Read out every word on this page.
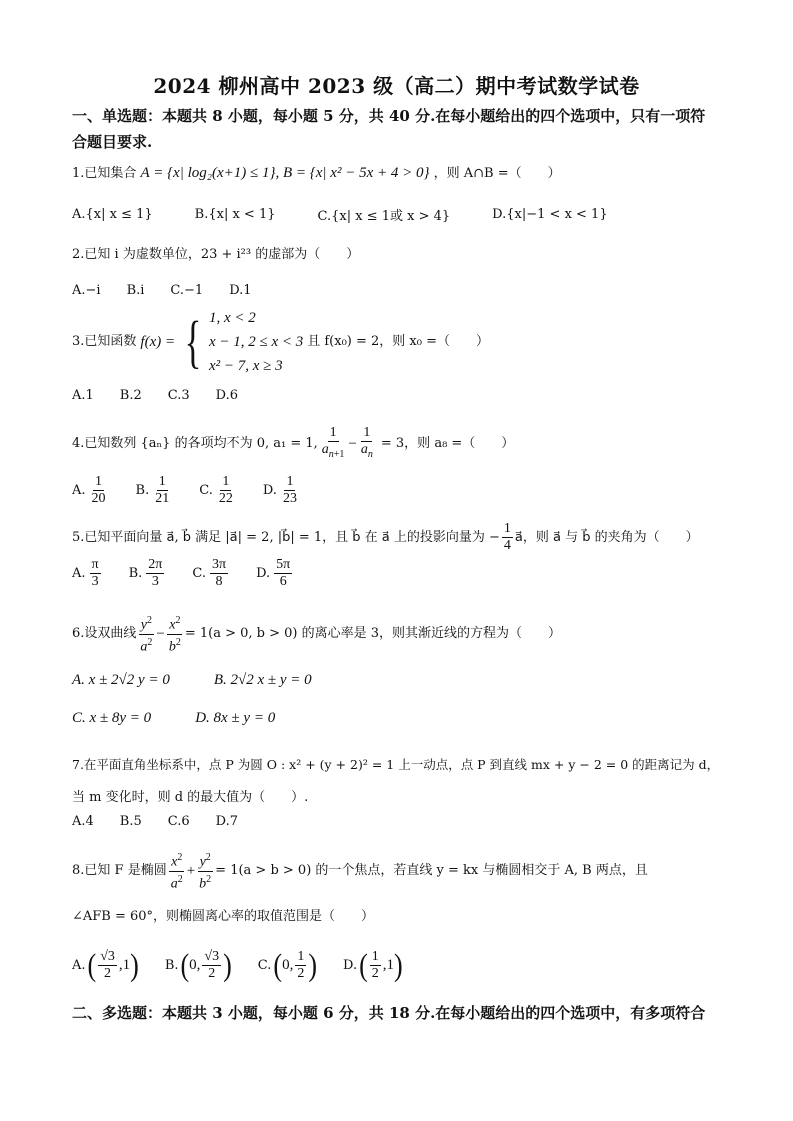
2024 柳州高中 2023 级（高二）期中考试数学试卷
一、单选题：本题共 8 小题，每小题 5 分，共 40 分.在每小题给出的四个选项中，只有一项符
合题目要求.
1.已知集合 A = {x| log₂(x+1) ≤ 1}, B = {x| x² − 5x + 4 > 0} ，则 A∩B =（　　）
A.{x| x ≤ 1}	B.{x| x < 1}	C.{x| x ≤ 1或 x > 4}	D.{x|−1 < x < 1}
2.已知 i 为虚数单位，23 + i²³ 的虚部为（　　）
A.−i B.i C.−1 D.1
3.已知函数 f(x) = { 1, x < 2
x − 1, 2 ≤ x < 3
x² − 7, x ≥ 3
且 f(x₀) = 2，则 x₀ =（　　）
A.1 B.2 C.3 D.6
4.已知数列 {aₙ} 的各项均不为 0, a₁ = 1, $\frac{1}{a_{n+1}} - \frac{1}{a_n} = 3$，则 a₈ =（　　）
A. $\frac{1}{20} B$. $\frac{1}{21} C$. $\frac{1}{22} D$. $\frac{1}{23}$
5.已知平面向量 a⃗, b⃗ 满足 |a⃗| = 2, |b⃗| = 1，且 b⃗ 在 a⃗ 上的投影向量为 − $\frac{1}{4}$ a⃗，则 a⃗ 与 b⃗ 的夹角为（　　）
A. $\frac{\pi}{3} B$. $\frac{2\pi}{3} C$. $\frac{3\pi}{8} D$. $\frac{5\pi}{6}$
6.设双曲线 $\frac{y^2}{a^2} - \frac{x^2}{b^2} = 1(a > 0$, b > 0) 的离心率是 3，则其渐近线的方程为（　　）
A. x ± 2√2 y = 0	B. 2√2 x ± y = 0
C. x ± 8y = 0	D. 8x ± y = 0
7.在平面直角坐标系中，点 P 为圆 O : x² + (y + 2)² = 1 上一动点，点 P 到直线 mx + y − 2 = 0 的距离记为 d，
当 m 变化时，则 d 的最大值为（　　）.
A.4 B.5 C.6 D.7
8.已知 F 是椭圆 $\frac{x^2}{a^2} + \frac{y^2}{b^2} = 1(a > b > 0)$ 的一个焦点，若直线 y = kx 与椭圆相交于 A, B 两点，且
∠AFB = 60°，则椭圆离心率的取值范围是（　　）
A. ( $\frac{√3}{2} ,1$ ) B. ( 0, $\frac{√3}{2}$ ) C. ( 0, $\frac{1}{2}$ ) D. ( $\frac{1}{2} ,1$ )
二、多选题：本题共 3 小题，每小题 6 分，共 18 分.在每小题给出的四个选项中，有多项符合
